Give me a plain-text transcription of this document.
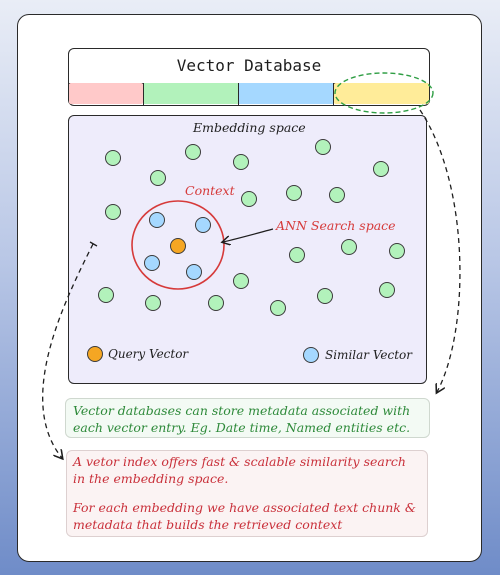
Vector Database
Embedding space
Context
ANN Search space
Query Vector	Similar Vector
Vector databases can store metadata associated with each vector entry. Eg. Date time, Named entities etc.

A vetor index offers fast & scalable similarity search in the embedding space.

For each embedding we have associated text chunk & metadata that builds the retrieved context
